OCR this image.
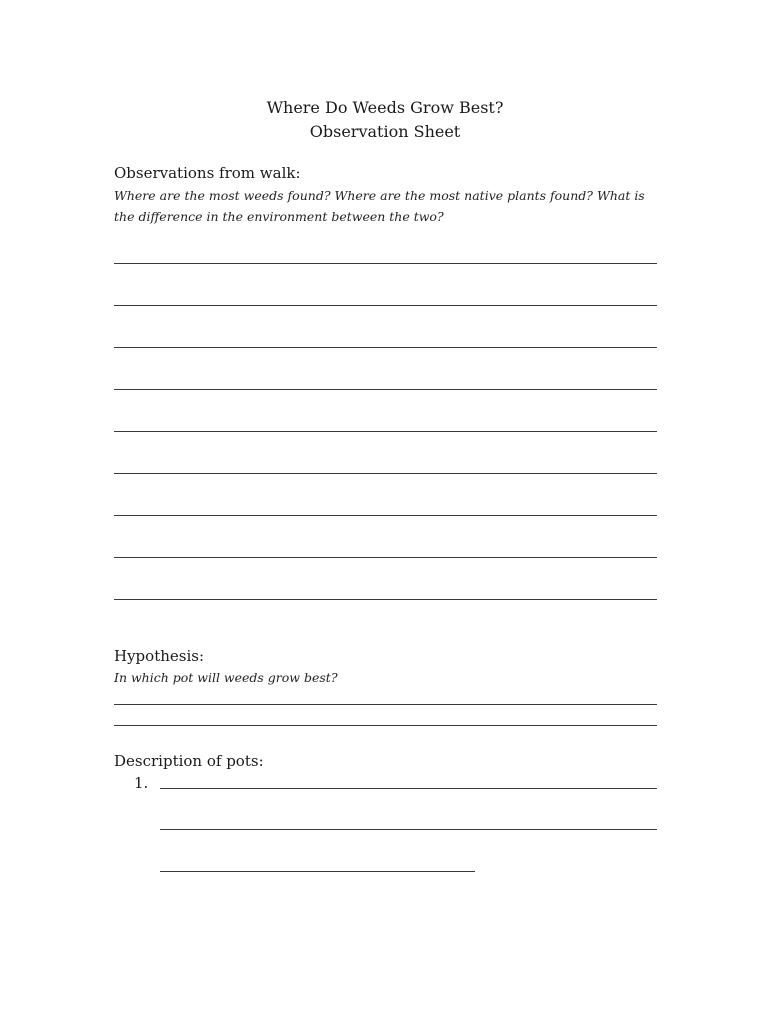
Where Do Weeds Grow Best?
Observation Sheet
Observations from walk:
Where are the most weeds found? Where are the most native plants found? What is the difference in the environment between the two?
Hypothesis:
In which pot will weeds grow best?
Description of pots:
1.
